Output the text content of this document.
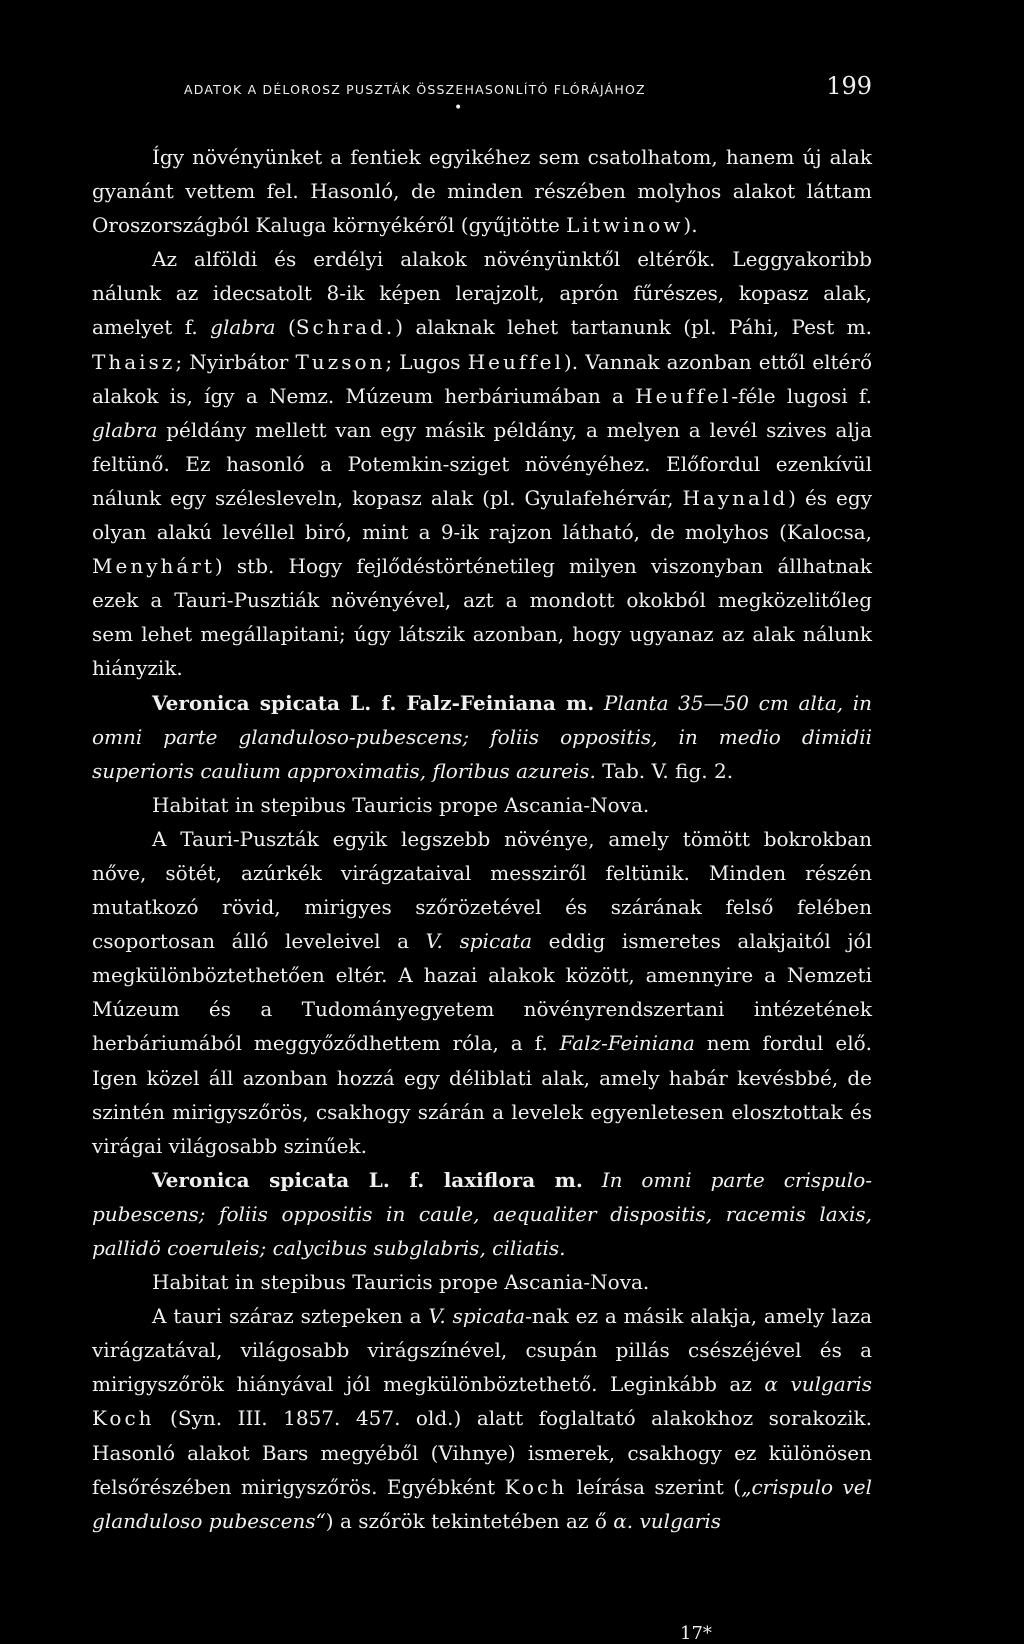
ADATOK A DÉLOROSZ PUSZTÁK ÖSSZEHASONLÍTÓ FLÓRÁJÁHOZ
•
199

Így növényünket a fentiek egyikéhez sem csatolhatom, hanem új alak gyanánt vettem fel. Hasonló, de minden részében molyhos alakot láttam Oroszországból Kaluga környékéről (gyűjtötte Litwinow).

Az alföldi és erdélyi alakok növényünktől eltérők. Leggyakoribb nálunk az idecsatolt 8-ik képen lerajzolt, aprón fűrészes, kopasz alak, amelyet f. glabra (Schrad.) alaknak lehet tartanunk (pl. Páhi, Pest m. Thaisz; Nyirbátor Tuzson; Lugos Heuffel). Vannak azonban ettől eltérő alakok is, így a Nemz. Múzeum herbáriumában a Heuffel-féle lugosi f. glabra példány mellett van egy másik példány, a melyen a levél szives alja feltünő. Ez hasonló a Potemkin-sziget növényéhez. Előfordul ezenkívül nálunk egy szélesleveln, kopasz alak (pl. Gyulafehérvár, Haynald) és egy olyan alakú levéllel biró, mint a 9-ik rajzon látható, de molyhos (Kalocsa, Menyhárt) stb. Hogy fejlődéstörténetileg milyen viszonyban állhatnak ezek a Tauri-Pusztiák növényével, azt a mondott okokból megközelitőleg sem lehet megállapitani; úgy látszik azonban, hogy ugyanaz az alak nálunk hiányzik.

Veronica spicata L. f. Falz-Feiniana m. Planta 35—50 cm alta, in omni parte glanduloso-pubescens; foliis oppositis, in medio dimidii superioris caulium approximatis, floribus azureis. Tab. V. fig. 2.

Habitat in stepibus Tauricis prope Ascania-Nova.

A Tauri-Puszták egyik legszebb növénye, amely tömött bokrokban nőve, sötét, azúrkék virágzataival messziről feltünik. Minden részén mutatkozó rövid, mirigyes szőrözetével és szárának felső felében csoportosan álló leveleivel a V. spicata eddig ismeretes alakjaitól jól megkülönböztethetően eltér. A hazai alakok között, amennyire a Nemzeti Múzeum és a Tudományegyetem növényrendszertani intézetének herbáriumából meggyőződhettem róla, a f. Falz-Feiniana nem fordul elő. Igen közel áll azonban hozzá egy déliblati alak, amely habár kevésbbé, de szintén mirigyszőrös, csakhogy szárán a levelek egyenletesen elosztottak és virágai világosabb szinűek.

Veronica spicata L. f. laxiflora m. In omni parte crispulo-pubescens; foliis oppositis in caule, aequaliter dispositis, racemis laxis, pallidö coeruleis; calycibus subglabris, ciliatis.

Habitat in stepibus Tauricis prope Ascania-Nova.

A tauri száraz sztepeken a V. spicata-nak ez a másik alakja, amely laza virágzatával, világosabb virágszínével, csupán pillás csészéjével és a mirigyszőrök hiányával jól megkülönböztethető. Leginkább az α vulgaris Koch (Syn. III. 1857. 457. old.) alatt foglaltató alakokhoz sorakozik. Hasonló alakot Bars megyéből (Vihnye) ismerek, csakhogy ez különösen felsőrészében mirigyszőrös. Egyébként Koch leírása szerint („crispulo vel glanduloso pubescens“) a szőrök tekintetében az ő α. vulgaris

17*
